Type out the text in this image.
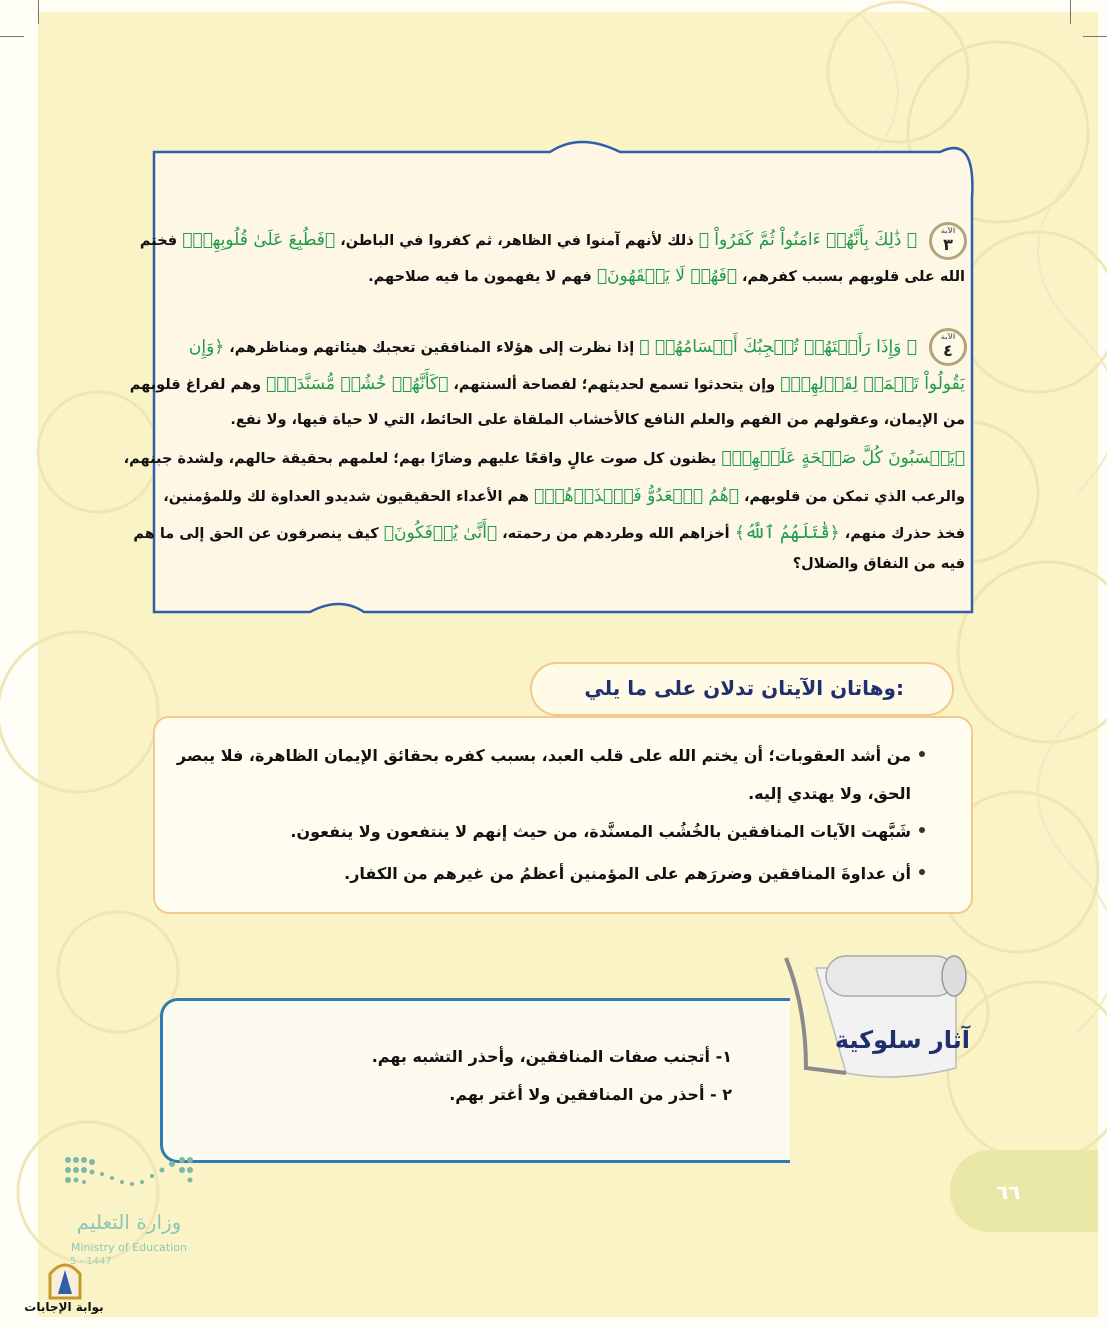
الآية
٣
﴿ ذَٰلِكَ بِأَنَّهُمۡ ءَامَنُواْ ثُمَّ كَفَرُواْ ﴾ ذلك لأنهم آمنوا في الظاهر، ثم كفروا في الباطن، ﴿فَطُبِعَ عَلَىٰ قُلُوبِهِمۡ﴾ فختم
الله على قلوبهم بسبب كفرهم، ﴿فَهُمۡ لَا يَفۡقَهُونَ﴾ فهم لا يفهمون ما فيه صلاحهم.
الآية
٤
﴿ وَإِذَا رَأَيۡتَهُمۡ تُعۡجِبُكَ أَجۡسَامُهُمۡ ﴾ إذا نظرت إلى هؤلاء المنافقين تعجبك هيئاتهم ومناظرهم، ﴿وَإِن
يَقُولُواْ تَسۡمَعۡ لِقَوۡلِهِمۡ﴾ وإن يتحدثوا تسمع لحديثهم؛ لفصاحة ألسنتهم، ﴿كَأَنَّهُمۡ خُشُبٞ مُّسَنَّدَةٞ﴾ وهم لفراغ قلوبهم
من الإيمان، وعقولهم من الفهم والعلم النافع كالأخشاب الملقاة على الحائط، التي لا حياة فيها، ولا نفع.
﴿يَحۡسَبُونَ كُلَّ صَيۡحَةٍ عَلَيۡهِمۡ﴾ يظنون كل صوت عالٍ واقعًا عليهم وضارًا بهم؛ لعلمهم بحقيقة حالهم، ولشدة جبنهم،
والرعب الذي تمكن من قلوبهم، ﴿هُمُ ٱلۡعَدُوُّ فَٱحۡذَرۡهُمۡ﴾ هم الأعداء الحقيقيون شديدو العداوة لك وللمؤمنين،
فخذ حذرك منهم، ﴿قَٰتَلَهُمُ ٱللَّهُ﴾ أخزاهم الله وطردهم من رحمته، ﴿أَنَّىٰ يُؤۡفَكُونَ﴾ كيف ينصرفون عن الحق إلى ما هم
فيه من النفاق والضلال؟
وهاتان الآيتان تدلان على ما يلي:
من أشد العقوبات؛ أن يختم الله على قلب العبد، بسبب كفره بحقائق الإيمان الظاهرة، فلا يبصر
الحق، ولا يهتدي إليه.
شَبَّهت الآيات المنافقين بالخُشُب المسنَّدة، من حيث إنهم لا ينتفعون ولا ينفعون.
أن عداوةَ المنافقين وضررَهم على المؤمنين أعظمُ من غيرهم من الكفار.
آثار سلوكية
١- أتجنب صفات المنافقين، وأحذر التشبه بهم.
٢ - أحذر من المنافقين ولا أغتر بهم.
٦٦
وزارة التعليم
Ministry of Education
5 - 1447
بوابة الإجابات
